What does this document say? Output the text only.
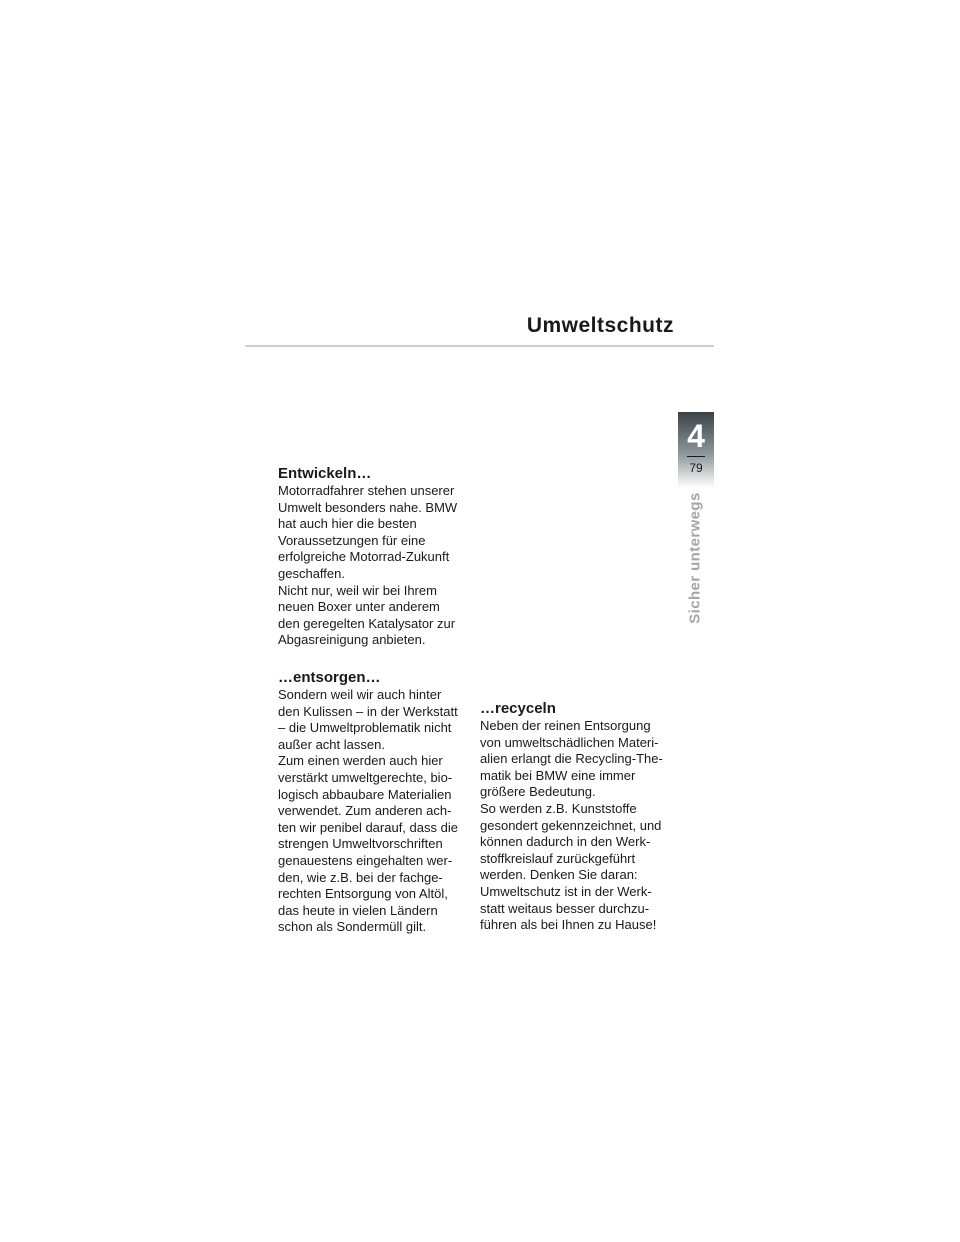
Umweltschutz
4
79
Sicher unterwegs
Entwickeln…

Motorradfahrer stehen unserer
Umwelt besonders nahe. BMW
hat auch hier die besten
Voraussetzungen für eine
erfolgreiche Motorrad-Zukunft
geschaffen.
Nicht nur, weil wir bei Ihrem
neuen Boxer unter anderem
den geregelten Katalysator zur
Abgasreinigung anbieten.

…entsorgen…

Sondern weil wir auch hinter
den Kulissen – in der Werkstatt
– die Umweltproblematik nicht
außer acht lassen.
Zum einen werden auch hier
verstärkt umweltgerechte, bio-
logisch abbaubare Materialien
verwendet. Zum anderen ach-
ten wir penibel darauf, dass die
strengen Umweltvorschriften
genauestens eingehalten wer-
den, wie z.B. bei der fachge-
rechten Entsorgung von Altöl,
das heute in vielen Ländern
schon als Sondermüll gilt.

…recyceln

Neben der reinen Entsorgung
von umweltschädlichen Materi-
alien erlangt die Recycling-The-
matik bei BMW eine immer
größere Bedeutung.
So werden z.B. Kunststoffe
gesondert gekennzeichnet, und
können dadurch in den Werk-
stoffkreislauf zurückgeführt
werden. Denken Sie daran:
Umweltschutz ist in der Werk-
statt weitaus besser durchzu-
führen als bei Ihnen zu Hause!
